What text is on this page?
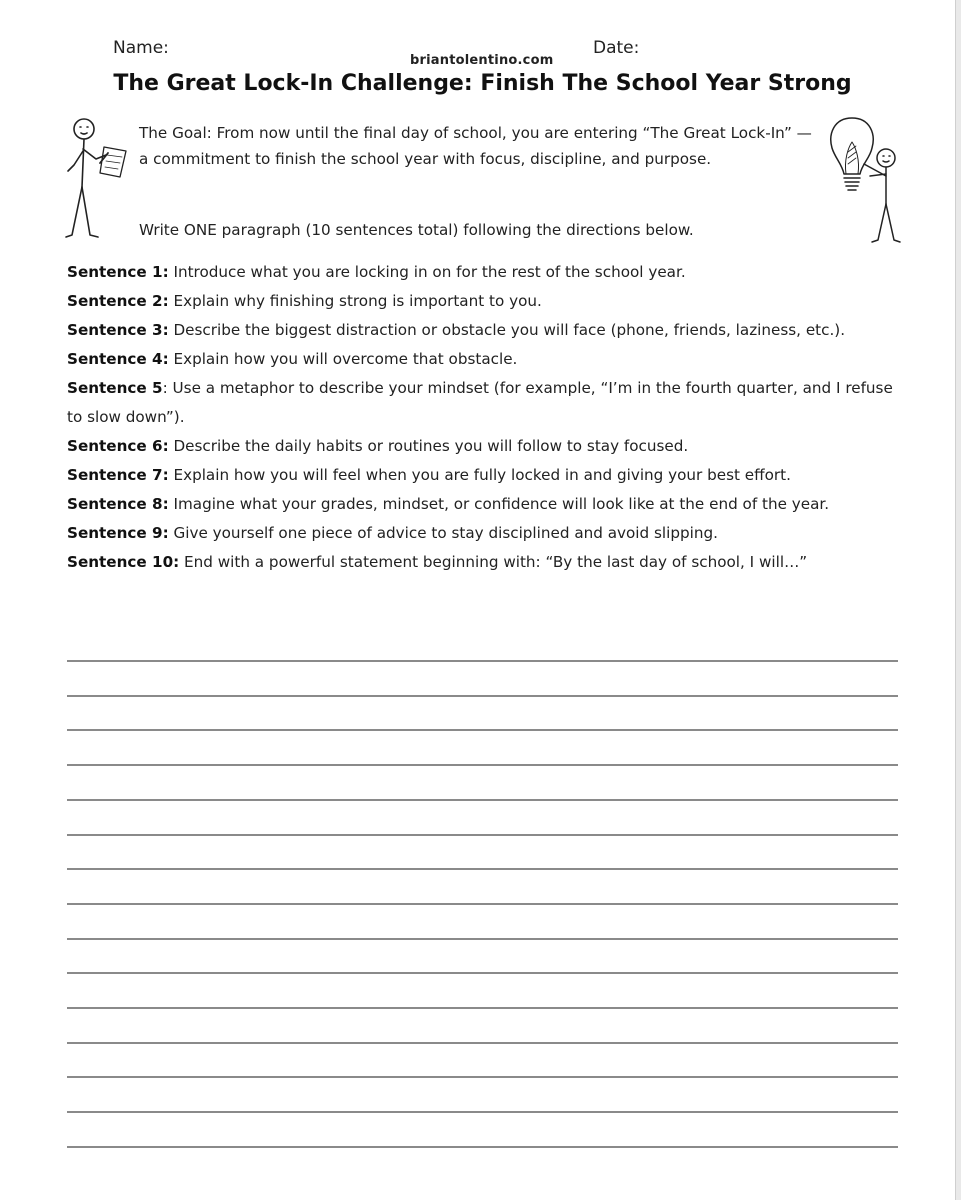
Name:
briantolentino.com
Date:
The Great Lock-In Challenge: Finish The School Year Strong

The Goal: From now until the final day of school, you are entering “The Great Lock-In” — a commitment to finish the school year with focus, discipline, and purpose.

Write ONE paragraph (10 sentences total) following the directions below.

Sentence 1: Introduce what you are locking in on for the rest of the school year.
Sentence 2: Explain why finishing strong is important to you.
Sentence 3: Describe the biggest distraction or obstacle you will face (phone, friends, laziness, etc.).
Sentence 4: Explain how you will overcome that obstacle.
Sentence 5: Use a metaphor to describe your mindset (for example, “I’m in the fourth quarter, and I refuse to slow down”).
Sentence 6: Describe the daily habits or routines you will follow to stay focused.
Sentence 7: Explain how you will feel when you are fully locked in and giving your best effort.
Sentence 8: Imagine what your grades, mindset, or confidence will look like at the end of the year.
Sentence 9: Give yourself one piece of advice to stay disciplined and avoid slipping.
Sentence 10: End with a powerful statement beginning with: “By the last day of school, I will…”
